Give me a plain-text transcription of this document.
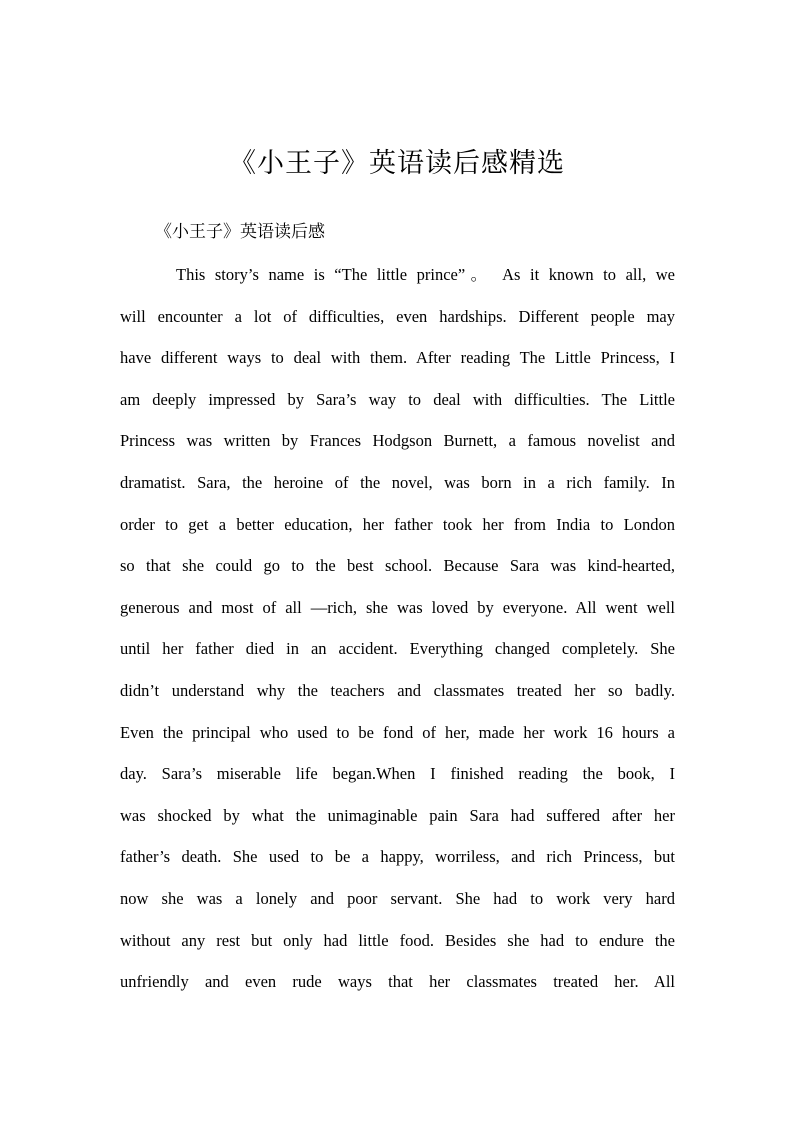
《小王子》英语读后感精选
《小王子》英语读后感
This story’s name is “The little prince”。 As it known to all, we
will encounter a lot of difficulties, even hardships. Different people may
have different ways to deal with them. After reading The Little Princess, I
am deeply impressed by Sara’s way to deal with difficulties. The Little
Princess was written by Frances Hodgson Burnett, a famous novelist and
dramatist. Sara, the heroine of the novel, was born in a rich family. In
order to get a better education, her father took her from India to London
so that she could go to the best school. Because Sara was kind-hearted,
generous and most of all —rich, she was loved by everyone. All went well
until her father died in an accident. Everything changed completely. She
didn’t understand why the teachers and classmates treated her so badly.
Even the principal who used to be fond of her, made her work 16 hours a
day. Sara’s miserable life began.When I finished reading the book, I
was shocked by what the unimaginable pain Sara had suffered after her
father’s death. She used to be a happy, worriless, and rich Princess, but
now she was a lonely and poor servant. She had to work very hard
without any rest but only had little food. Besides she had to endure the
unfriendly and even rude ways that her classmates treated her. All
